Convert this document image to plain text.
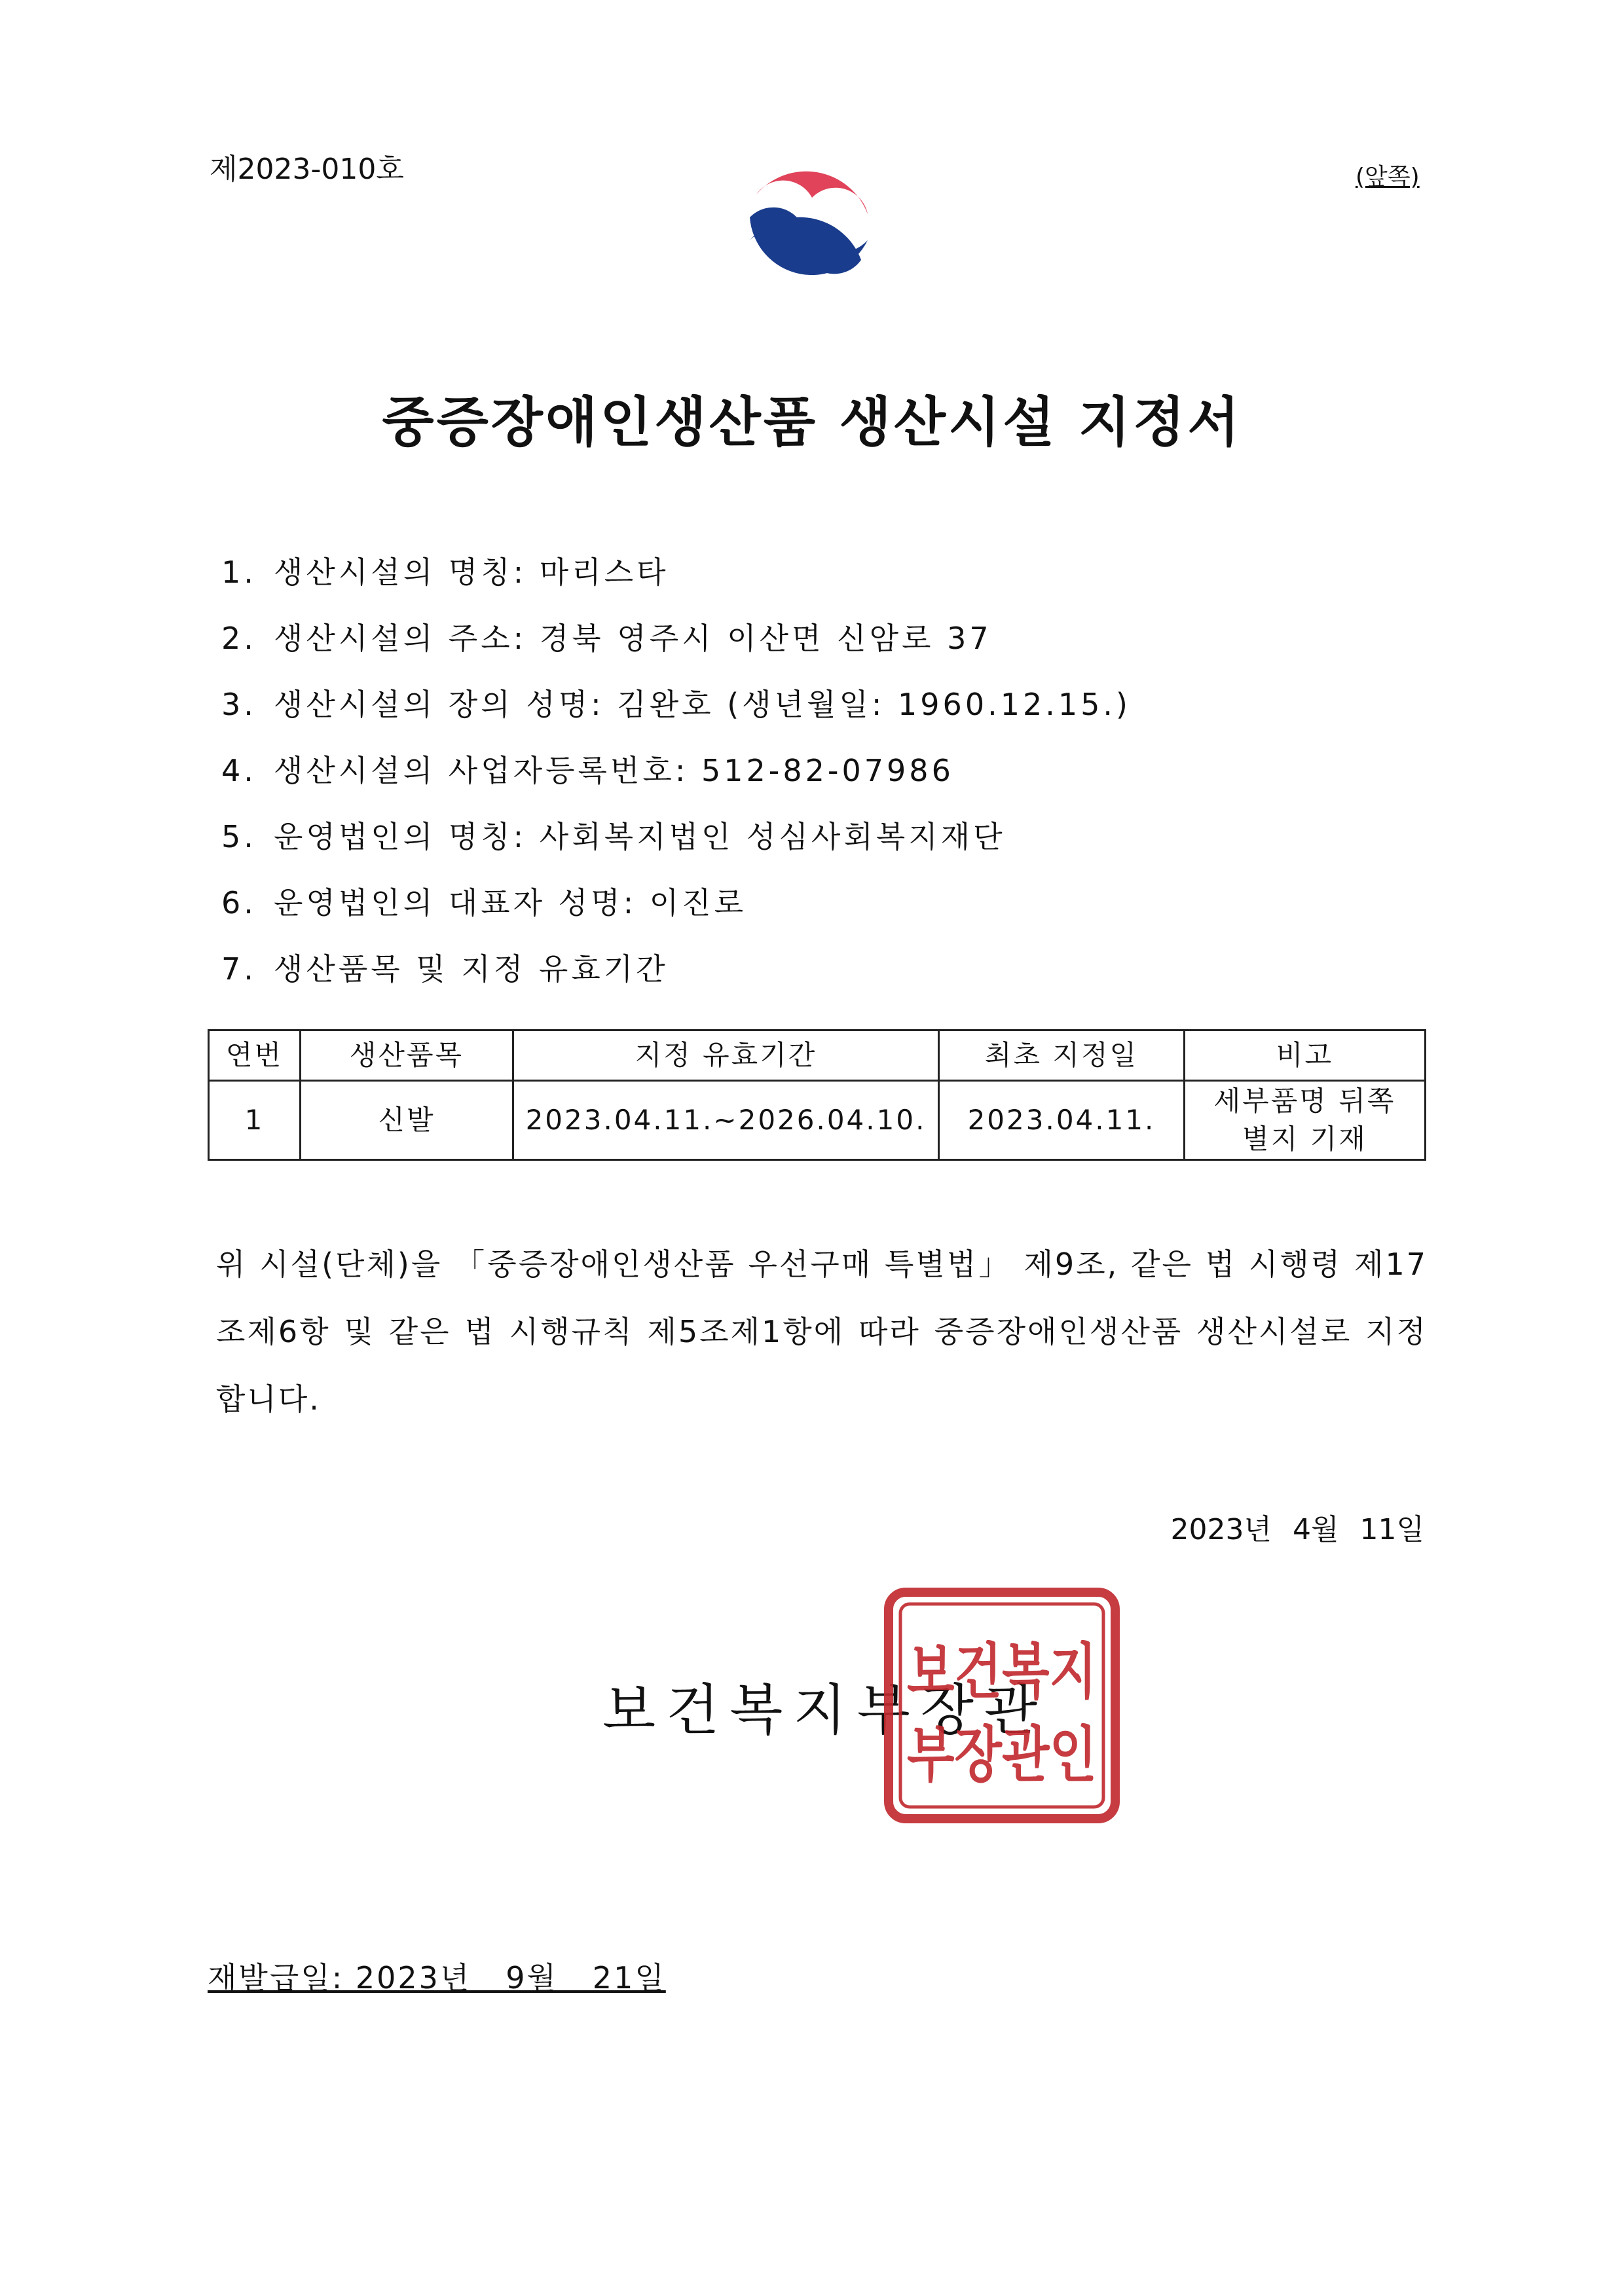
제2023-010호	(앞쪽)
중증장애인생산품 생산시설 지정서
1. 생산시설의 명칭: 마리스타
2. 생산시설의 주소: 경북 영주시 이산면 신암로 37
3. 생산시설의 장의 성명: 김완호 (생년월일: 1960.12.15.)
4. 생산시설의 사업자등록번호: 512-82-07986
5. 운영법인의 명칭: 사회복지법인 성심사회복지재단
6. 운영법인의 대표자 성명: 이진로
7. 생산품목 및 지정 유효기간
연번	생산품목	지정 유효기간	최초 지정일	비고
1	신발	2023.04.11.~2026.04.10.	2023.04.11.	세부품명 뒤쪽
별지 기재
위 시설(단체)을 「중증장애인생산품 우선구매 특별법」 제9조, 같은 법 시행령 제17조제6항 및 같은 법 시행규칙 제5조제1항에 따라 중증장애인생산품 생산시설로 지정합니다.
2023년 4월 11일
보건복지부장관
보건복지
부장관인
재발급일: 2023년   9월   21일
